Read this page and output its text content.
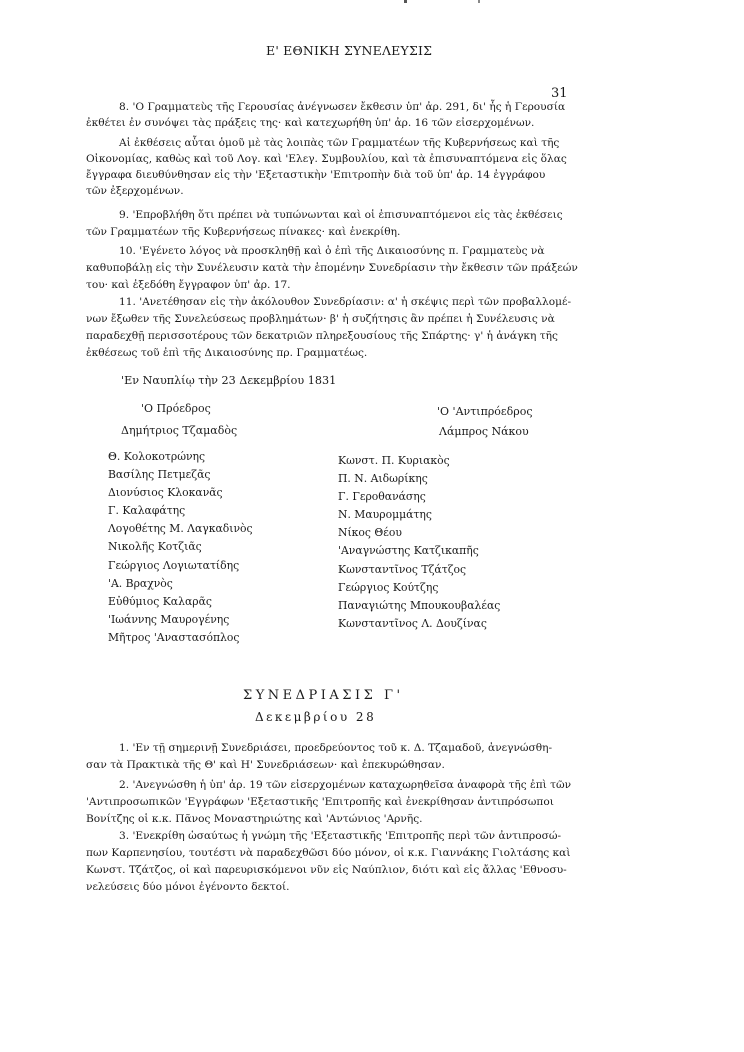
Ε' ΕΘΝΙΚΗ ΣΥΝΕΛΕΥΣΙΣ
31
8. 'Ο Γραμματεὺς τῆς Γερουσίας ἀνέγνωσεν ἔκθεσιν ὑπ' ἀρ. 291, δι' ἧς ἡ Γερουσία
ἐκθέτει ἐν συνόψει τὰς πράξεις της· καὶ κατεχωρήθη ὑπ' ἀρ. 16 τῶν εἰσερχομένων.
Αἱ ἐκθέσεις αὗται ὁμοῦ μὲ τὰς λοιπὰς τῶν Γραμματέων τῆς Κυβερνήσεως καὶ τῆς
Οἰκονομίας, καθὼς καὶ τοῦ Λογ. καὶ 'Ελεγ. Συμβουλίου, καὶ τὰ ἐπισυναπτόμενα εἰς ὅλας
ἔγγραφα διευθύνθησαν εἰς τὴν 'Εξεταστικὴν 'Επιτροπὴν διὰ τοῦ ὑπ' ἀρ. 14 ἐγγράφου
τῶν ἐξερχομένων.
9. 'Επροβλήθη ὅτι πρέπει νὰ τυπώνωνται καὶ οἱ ἐπισυναπτόμενοι εἰς τὰς ἐκθέσεις
τῶν Γραμματέων τῆς Κυβερνήσεως πίνακες· καὶ ἐνεκρίθη.
10. 'Εγένετο λόγος νὰ προσκληθῇ καὶ ὁ ἐπὶ τῆς Δικαιοσύνης π. Γραμματεὺς νὰ
καθυποβάλῃ εἰς τὴν Συνέλευσιν κατὰ τὴν ἑπομένην Συνεδρίασιν τὴν ἔκθεσιν τῶν πράξεών
του· καὶ ἐξεδόθη ἔγγραφον ὑπ' ἀρ. 17.
11. 'Ανετέθησαν εἰς τὴν ἀκόλουθον Συνεδρίασιν: α' ἡ σκέψις περὶ τῶν προβαλλομέ-
νων ἔξωθεν τῆς Συνελεύσεως προβλημάτων· β' ἡ συζήτησις ἂν πρέπει ἡ Συνέλευσις νὰ
παραδεχθῇ περισσοτέρους τῶν δεκατριῶν πληρεξουσίους τῆς Σπάρτης· γ' ἡ ἀνάγκη τῆς
ἐκθέσεως τοῦ ἐπὶ τῆς Δικαιοσύνης πρ. Γραμματέως.
'Εν Ναυπλίῳ τὴν 23 Δεκεμβρίου 1831
'Ο Πρόεδρος
Δημήτριος Τζαμαδὸς
'Ο 'Αντιπρόεδρος
Λάμπρος Νάκου
Θ. Κολοκοτρώνης
Βασίλης Πετμεζᾶς
Διονύσιος Κλοκανᾶς
Γ. Καλαφάτης
Λογοθέτης Μ. Λαγκαδινὸς
Νικολῆς Κοτζιᾶς
Γεώργιος Λογιωτατίδης
'Α. Βραχνὸς
Εὐθύμιος Καλαρᾶς
'Ιωάννης Μαυρογένης
Μῆτρος 'Αναστασόπλος
Κωνστ. Π. Κυριακὸς
Π. Ν. Αιδωρίκης
Γ. Γεροθανάσης
Ν. Μαυρομμάτης
Νίκος Θέου
'Αναγνώστης Κατζικαπῆς
Κωνσταντῖνος Τζάτζος
Γεώργιος Κούτζης
Παναγιώτης Μπουκουβαλέας
Κωνσταντῖνος Λ. Δουζίνας
ΣΥΝΕΔΡΙΑΣΙΣ Γ'
Δεκεμβρίου 28
1. 'Εν τῇ σημερινῇ Συνεδριάσει, προεδρεύοντος τοῦ κ. Δ. Τζαμαδοῦ, ἀνεγνώσθη-
σαν τὰ Πρακτικὰ τῆς Θ' καὶ Η' Συνεδριάσεων· καὶ ἐπεκυρώθησαν.
2. 'Ανεγνώσθη ἡ ὑπ' ἀρ. 19 τῶν εἰσερχομένων καταχωρηθεῖσα ἀναφορὰ τῆς ἐπὶ τῶν
'Αντιπροσωπικῶν 'Εγγράφων 'Εξεταστικῆς 'Επιτροπῆς καὶ ἐνεκρίθησαν ἀντιπρόσωποι
Βονίτζης οἱ κ.κ. Πᾶνος Μοναστηριώτης καὶ 'Αντώνιος 'Αρνῆς.
3. 'Ενεκρίθη ὡσαύτως ἡ γνώμη τῆς 'Εξεταστικῆς 'Επιτροπῆς περὶ τῶν ἀντιπροσώ-
πων Καρπενησίου, τουτέστι νὰ παραδεχθῶσι δύο μόνον, οἱ κ.κ. Γιαννάκης Γιολτάσης καὶ
Κωνστ. Τζάτζος, οἱ καὶ παρευρισκόμενοι νῦν εἰς Ναύπλιον, διότι καὶ εἰς ἄλλας 'Εθνοσυ-
νελεύσεις δύο μόνοι ἐγένοντο δεκτοί.
